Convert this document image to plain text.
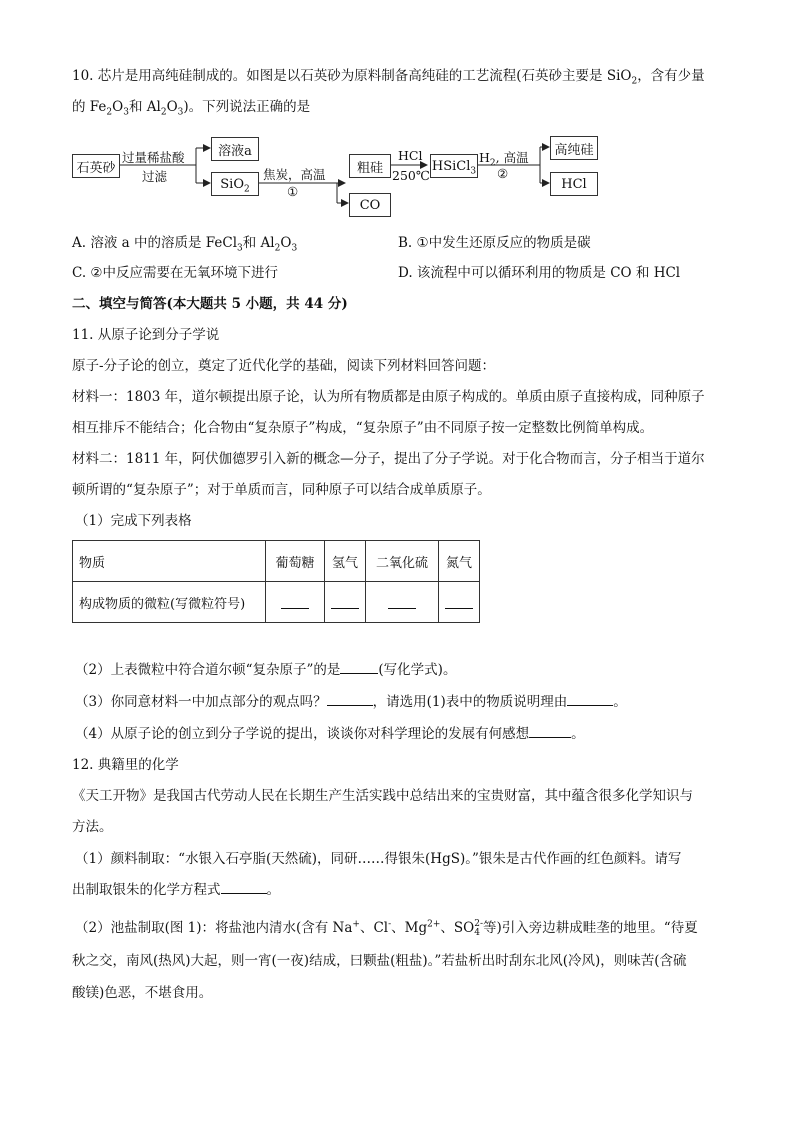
10. 芯片是用高纯硅制成的。如图是以石英砂为原料制备高纯硅的工艺流程(石英砂主要是 SiO$_2$，含有少量
的 $Fe_2O_3$和 $Al_2O_3$)。下列说法正确的是
石英砂
过量稀盐酸
过滤
溶液a
SiO$_2$
焦炭，高温
①
粗硅
CO
HCl
250℃
HSiCl$_3$
$H_2$, 高温
②
高纯硅
HCl
A. 溶液 a 中的溶质是 FeCl$_3$和 $Al_2O_3$	B. ①中发生还原反应的物质是碳
C. ②中反应需要在无氧环境下进行	D. 该流程中可以循环利用的物质是 CO 和 HCl
二、填空与简答(本大题共 5 小题，共 44 分)
11. 从原子论到分子学说
原子-分子论的创立，奠定了近代化学的基础，阅读下列材料回答问题：
材料一：1803 年，道尔顿提出原子论，认为所有物质都是由原子构成的。单质由原子直接构成，同种原子
相互排斥不能结合；化合物由“复杂原子”构成，“复杂原子”由不同原子按一定整数比例简单构成。
材料二：1811 年，阿伏伽德罗引入新的概念—分子，提出了分子学说。对于化合物而言，分子相当于道尔
顿所谓的“复杂原子”；对于单质而言，同种原子可以结合成单质原子。
（1）完成下列表格
物质	葡萄糖	氢气	二氧化硫	氮气
构成物质的微粒(写微粒符号)				
（2）上表微粒中符合道尔顿“复杂原子”的是	(写化学式)。
（3）你同意材料一中加点部分的观点吗？	，请选用(1)表中的物质说明理由	。
（4）从原子论的创立到分子学说的提出，谈谈你对科学理论的发展有何感想	。
12. 典籍里的化学
《天工开物》是我国古代劳动人民在长期生产生活实践中总结出来的宝贵财富，其中蕴含很多化学知识与
方法。
（1）颜料制取：“水银入石亭脂(天然硫)，同研……得银朱(HgS)。”银朱是古代作画的红色颜料。请写
出制取银朱的化学方程式	。
（2）池盐制取(图 1)：将盐池内清水(含有 Na+、Cl-、$Mg^{2+}$、SO 2-
4 等)引入旁边耕成畦垄的地里。“待夏
秋之交，南风(热风)大起，则一宵(一夜)结成，曰颗盐(粗盐)。”若盐析出时刮东北风(冷风)，则味苦(含硫
酸镁)色恶，不堪食用。
